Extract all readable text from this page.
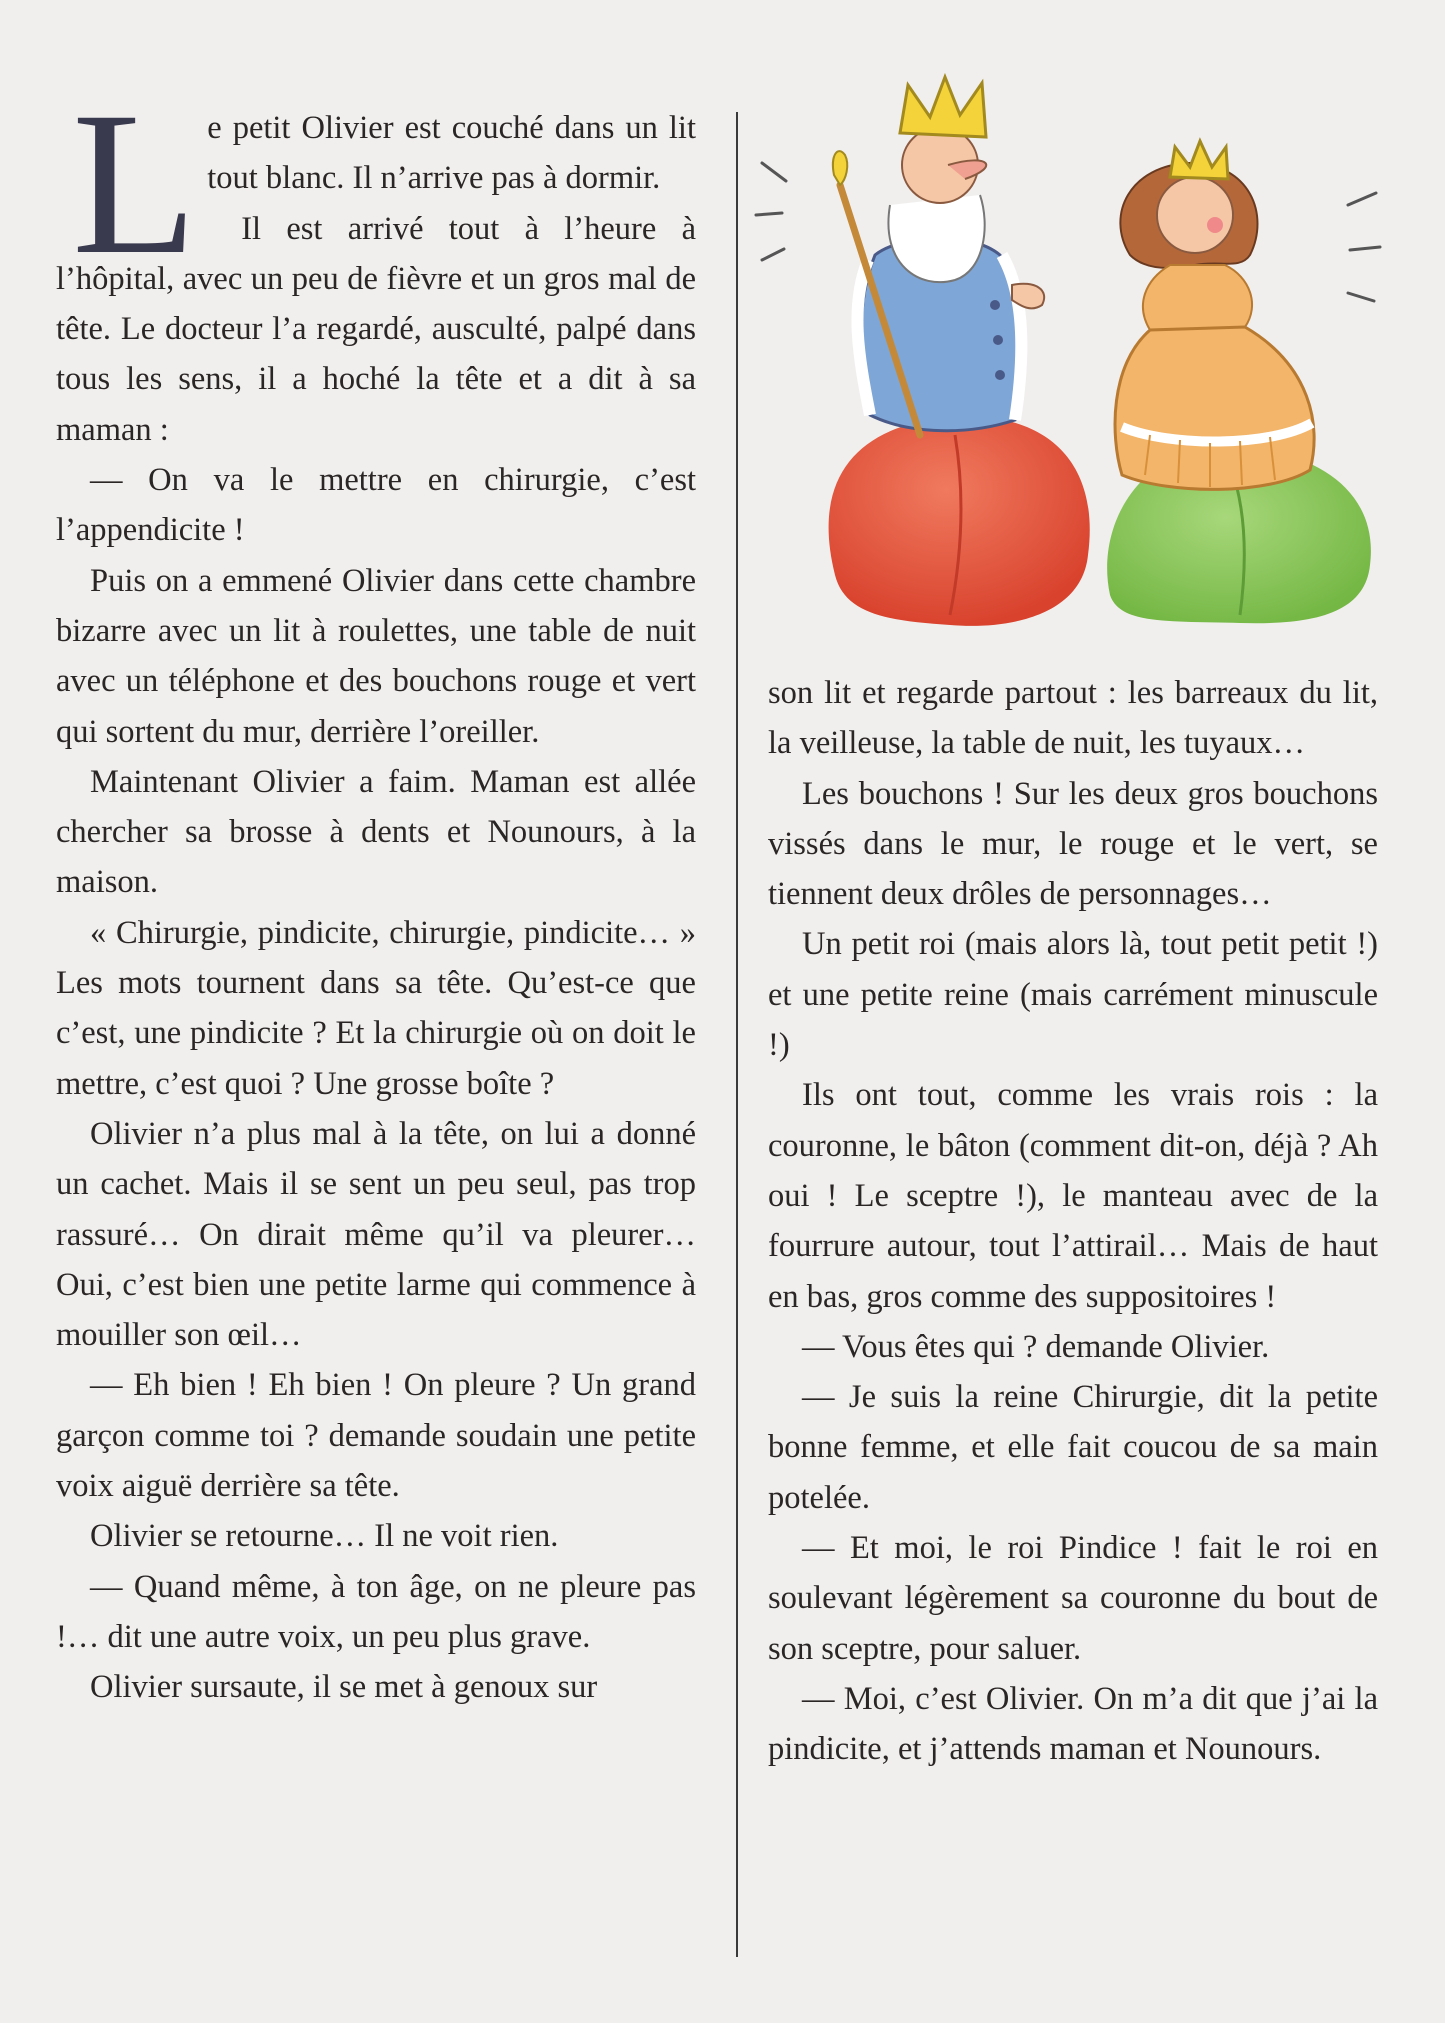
Le petit Olivier est couché dans un lit tout blanc. Il n’arrive pas à dormir.

Il est arrivé tout à l’heure à l’hôpital, avec un peu de fièvre et un gros mal de tête. Le docteur l’a regardé, ausculté, palpé dans tous les sens, il a hoché la tête et a dit à sa maman :

— On va le mettre en chirurgie, c’est l’appendicite !

Puis on a emmené Olivier dans cette chambre bizarre avec un lit à roulettes, une table de nuit avec un téléphone et des bouchons rouge et vert qui sortent du mur, derrière l’oreiller.

Maintenant Olivier a faim. Maman est allée chercher sa brosse à dents et Nounours, à la maison.

« Chirurgie, pindicite, chirurgie, pindicite… » Les mots tournent dans sa tête. Qu’est-ce que c’est, une pindicite ? Et la chirurgie où on doit le mettre, c’est quoi ? Une grosse boîte ?

Olivier n’a plus mal à la tête, on lui a donné un cachet. Mais il se sent un peu seul, pas trop rassuré… On dirait même qu’il va pleurer… Oui, c’est bien une petite larme qui commence à mouiller son œil…

— Eh bien ! Eh bien ! On pleure ? Un grand garçon comme toi ? demande soudain une petite voix aiguë derrière sa tête.

Olivier se retourne… Il ne voit rien.

— Quand même, à ton âge, on ne pleure pas !… dit une autre voix, un peu plus grave.

Olivier sursaute, il se met à genoux sur

son lit et regarde partout : les barreaux du lit, la veilleuse, la table de nuit, les tuyaux…

Les bouchons ! Sur les deux gros bouchons vissés dans le mur, le rouge et le vert, se tiennent deux drôles de personnages…

Un petit roi (mais alors là, tout petit petit !) et une petite reine (mais carrément minuscule !)

Ils ont tout, comme les vrais rois : la couronne, le bâton (comment dit-on, déjà ? Ah oui ! Le sceptre !), le manteau avec de la fourrure autour, tout l’attirail… Mais de haut en bas, gros comme des suppositoires !

— Vous êtes qui ? demande Olivier.

— Je suis la reine Chirurgie, dit la petite bonne femme, et elle fait coucou de sa main potelée.

— Et moi, le roi Pindice ! fait le roi en soulevant légèrement sa couronne du bout de son sceptre, pour saluer.

— Moi, c’est Olivier. On m’a dit que j’ai la pindicite, et j’attends maman et Nounours.
